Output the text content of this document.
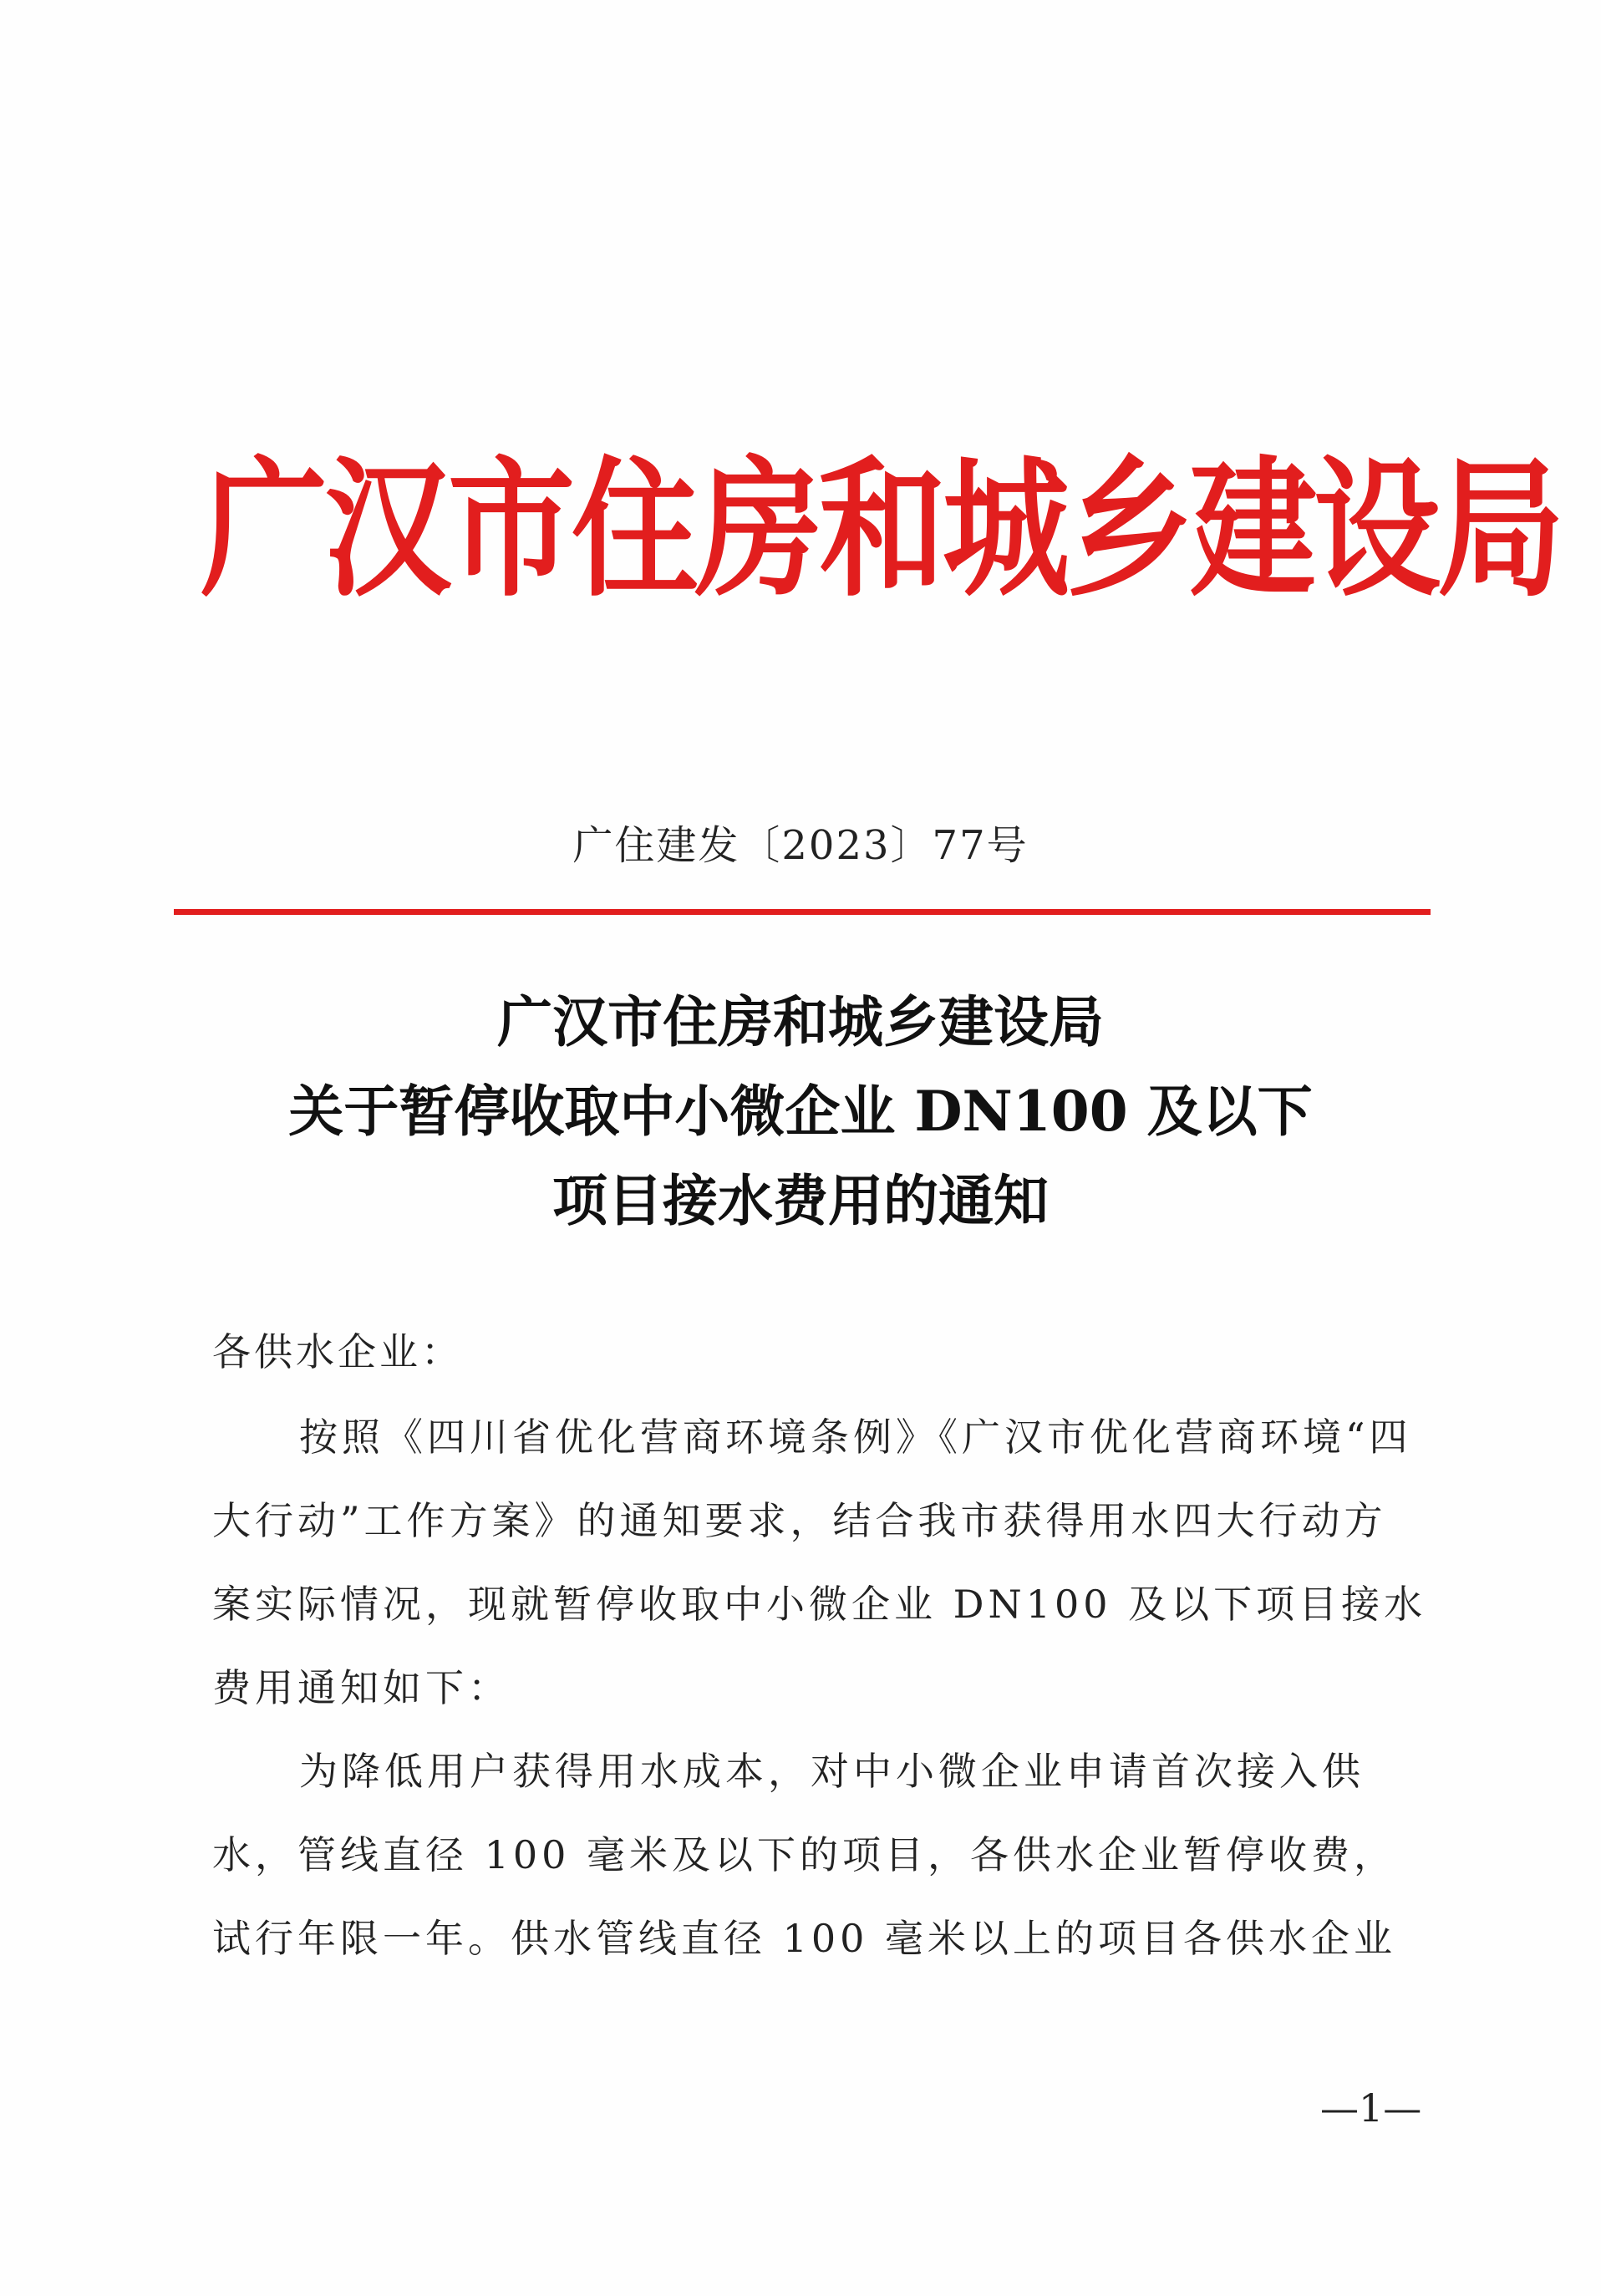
广汉市住房和城乡建设局
广住建发〔2023〕77号
广汉市住房和城乡建设局
关于暂停收取中小微企业 DN100 及以下
项目接水费用的通知
各供水企业：
按照《四川省优化营商环境条例》《广汉市优化营商环境“四
大行动”工作方案》的通知要求，结合我市获得用水四大行动方
案实际情况，现就暂停收取中小微企业 DN100 及以下项目接水
费用通知如下：
为降低用户获得用水成本，对中小微企业申请首次接入供
水，管线直径 100 毫米及以下的项目，各供水企业暂停收费，
试行年限一年。供水管线直径 100 毫米以上的项目各供水企业
—1—
